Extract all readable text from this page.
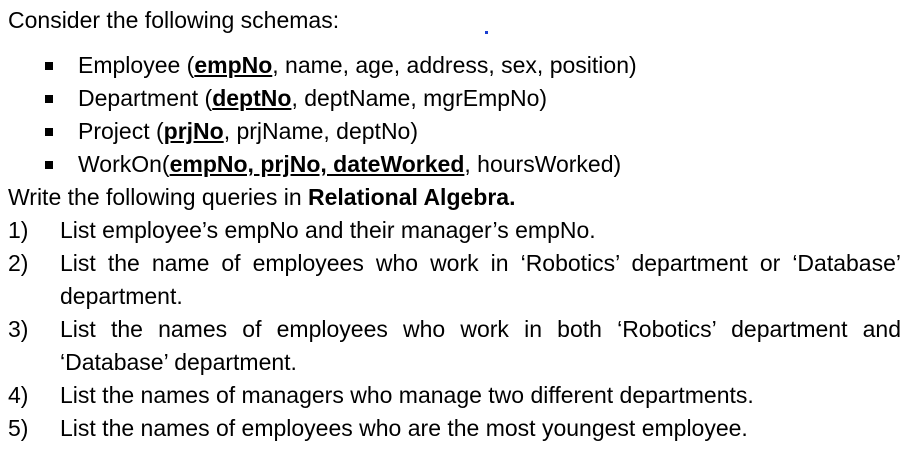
Consider the following schemas:
Employee (empNo, name, age, address, sex, position)
Department (deptNo, deptName, mgrEmpNo)
Project (prjNo, prjName, deptNo)
WorkOn(empNo, prjNo, dateWorked, hoursWorked)
Write the following queries in Relational Algebra.
1) List employee’s empNo and their manager’s empNo.
2) List the name of employees who work in ‘Robotics’ department or ‘Database’ department.
3) List the names of employees who work in both ‘Robotics’ department and ‘Database’ department.
4) List the names of managers who manage two different departments.
5) List the names of employees who are the most youngest employee.
